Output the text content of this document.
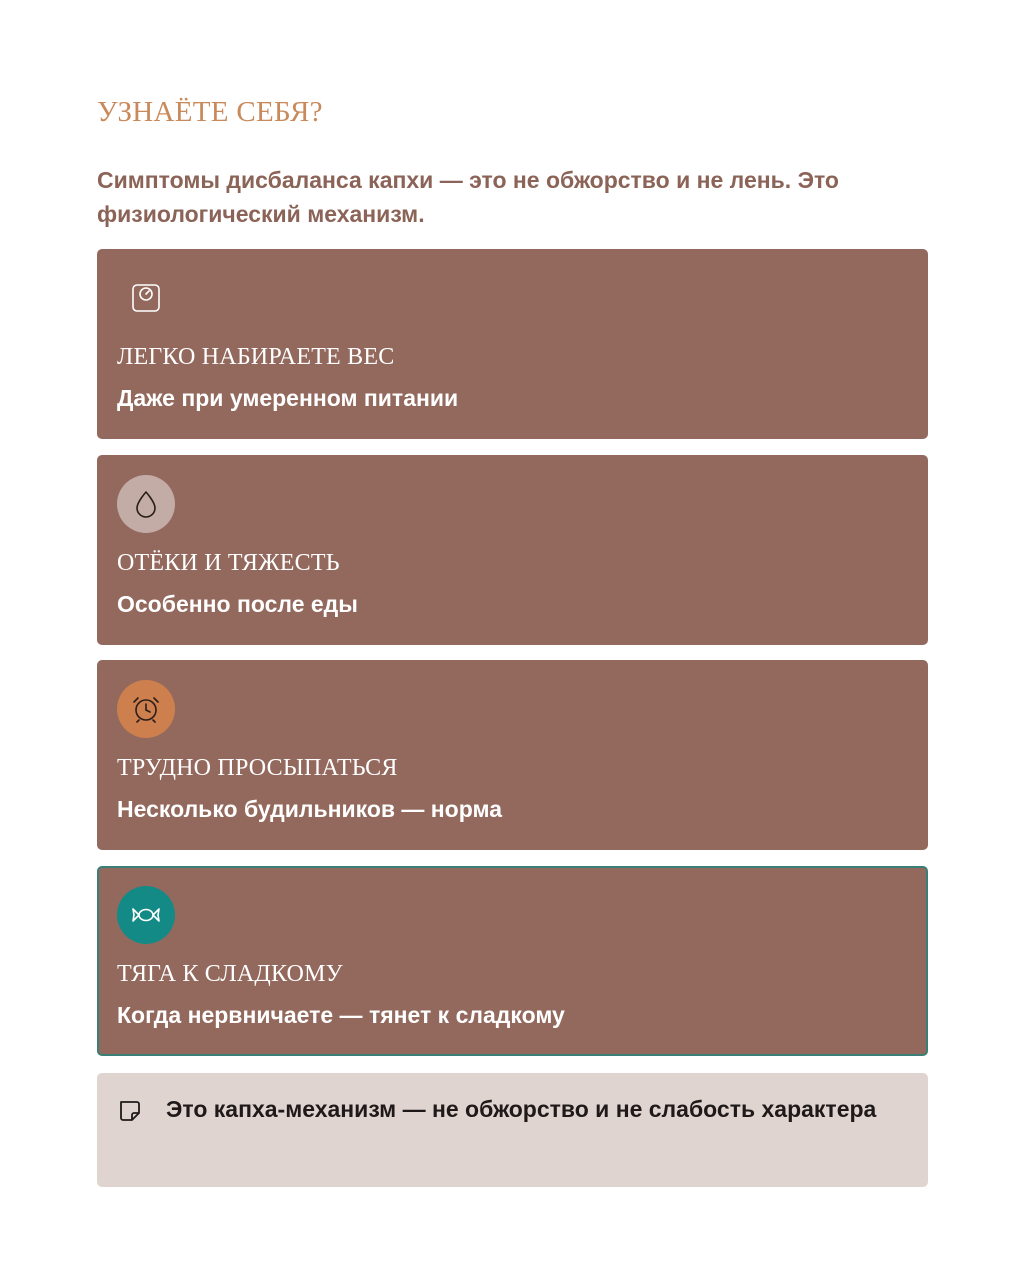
УЗНАЁТЕ СЕБЯ?

Симптомы дисбаланса капхи — это не обжорство и не лень. Это физиологический механизм.

ЛЕГКО НАБИРАЕТЕ ВЕС
Даже при умеренном питании
ОТЁКИ И ТЯЖЕСТЬ
Особенно после еды
ТРУДНО ПРОСЫПАТЬСЯ
Несколько будильников — норма
ТЯГА К СЛАДКОМУ
Когда нервничаете — тянет к сладкому
Это капха-механизм — не обжорство и не слабость характера
